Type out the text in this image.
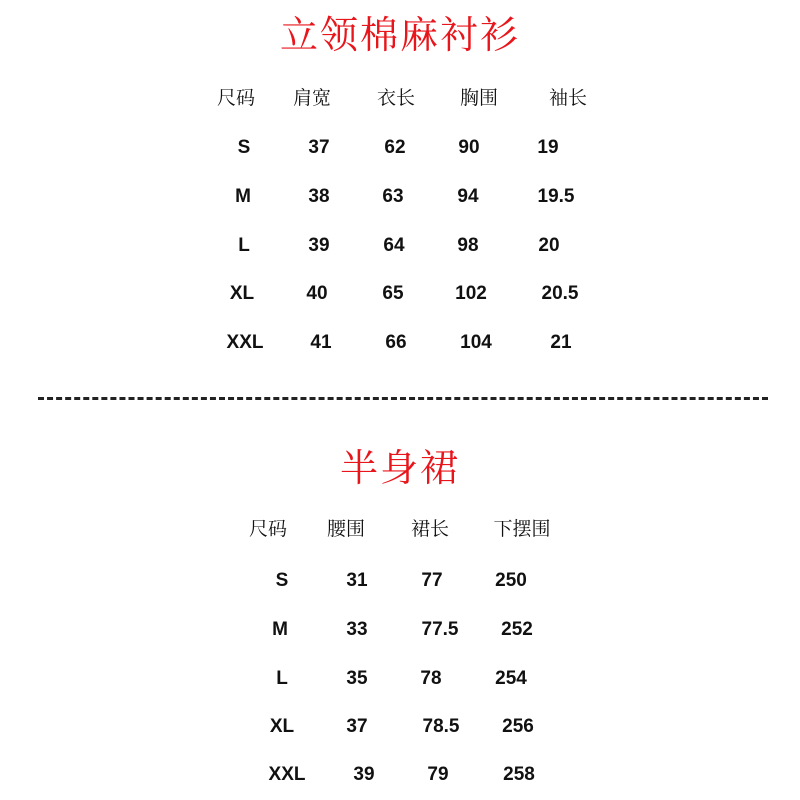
立领棉麻衬衫
尺码 肩宽 衣长 胸围	袖长
S	37	62	90	19
M	38	63	94	19.5
L	39	64	98	20
XL	40	65	102	20.5
XXL 41	66	104	21
半身裙
尺码 腰围 裙长 下摆围
S	31	77	250
M	33	77.5 252
L	35	78	254
XL	37	78.5 256
XXL	39	79	258
